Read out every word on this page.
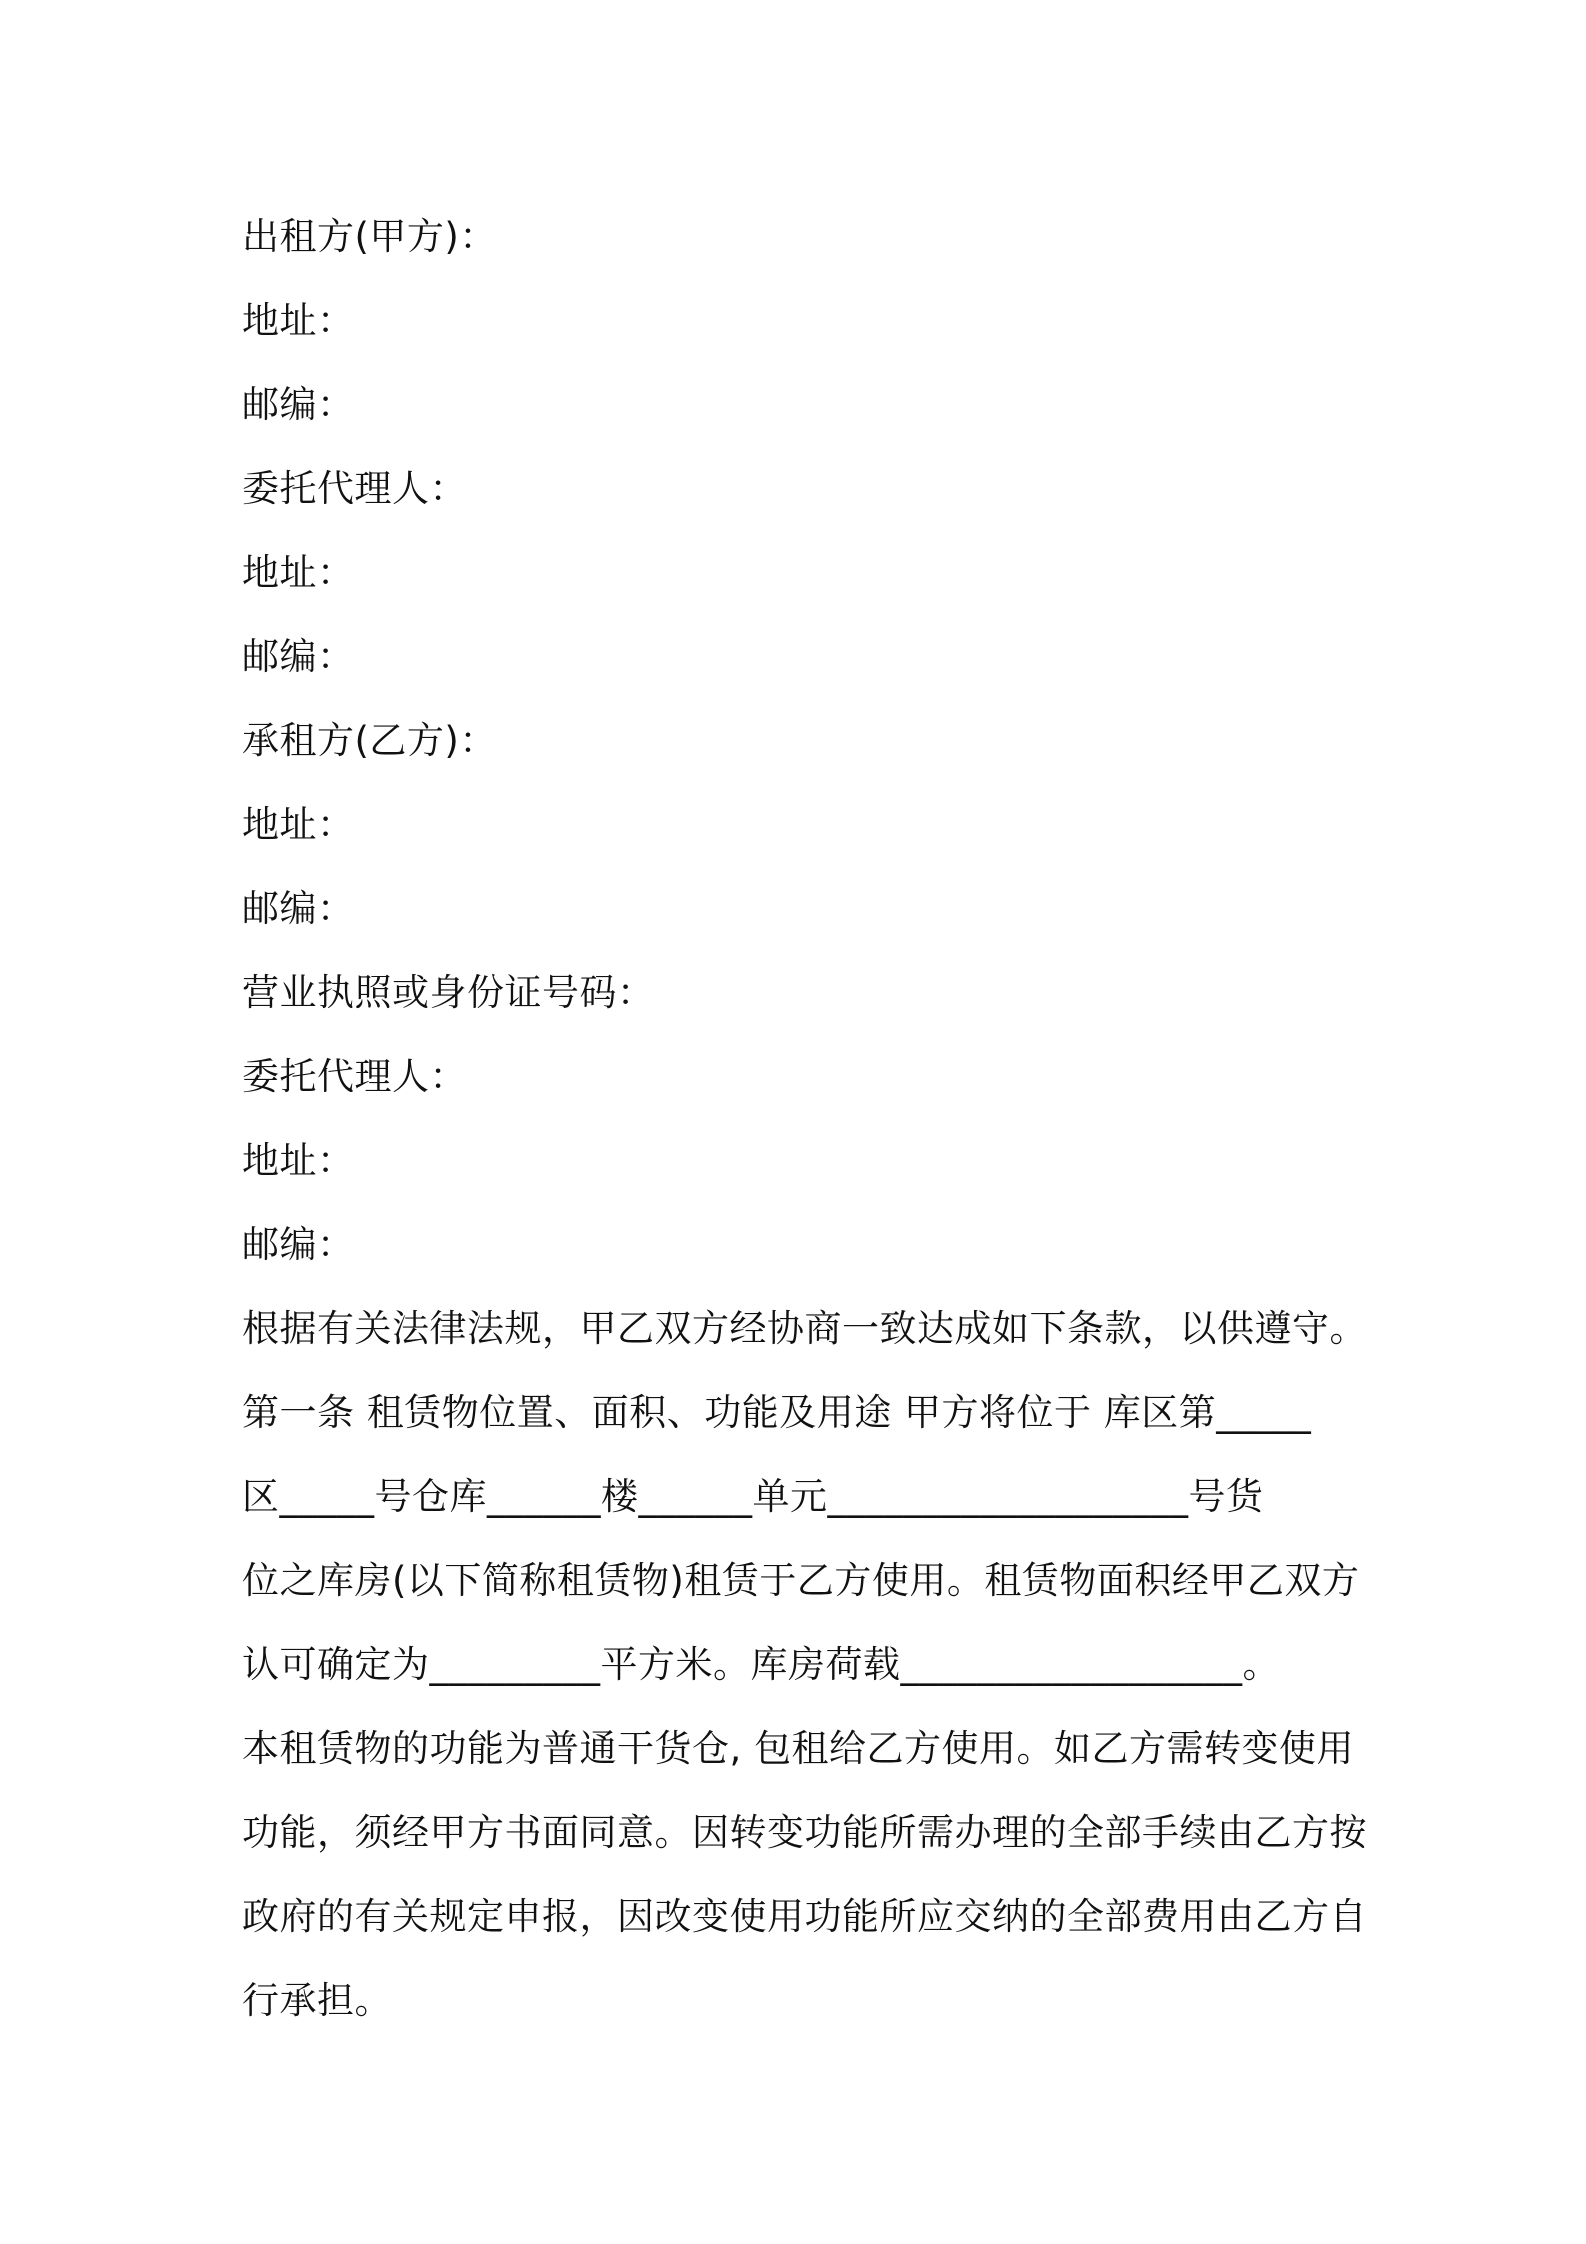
出租方(甲方)：
地址：
邮编：
委托代理人：
地址：
邮编：
承租方(乙方)：
地址：
邮编：
营业执照或身份证号码：
委托代理人：
地址：
邮编：
根据有关法律法规，甲乙双方经协商一致达成如下条款，以供遵守。
第一条 租赁物位置、面积、功能及用途 甲方将位于 库区第_____
区_____号仓库______楼______单元___________________号货
位之库房(以下简称租赁物)租赁于乙方使用。租赁物面积经甲乙双方
认可确定为_________平方米。库房荷载__________________。
本租赁物的功能为普通干货仓, 包租给乙方使用。如乙方需转变使用
功能，须经甲方书面同意。因转变功能所需办理的全部手续由乙方按
政府的有关规定申报，因改变使用功能所应交纳的全部费用由乙方自
行承担。
